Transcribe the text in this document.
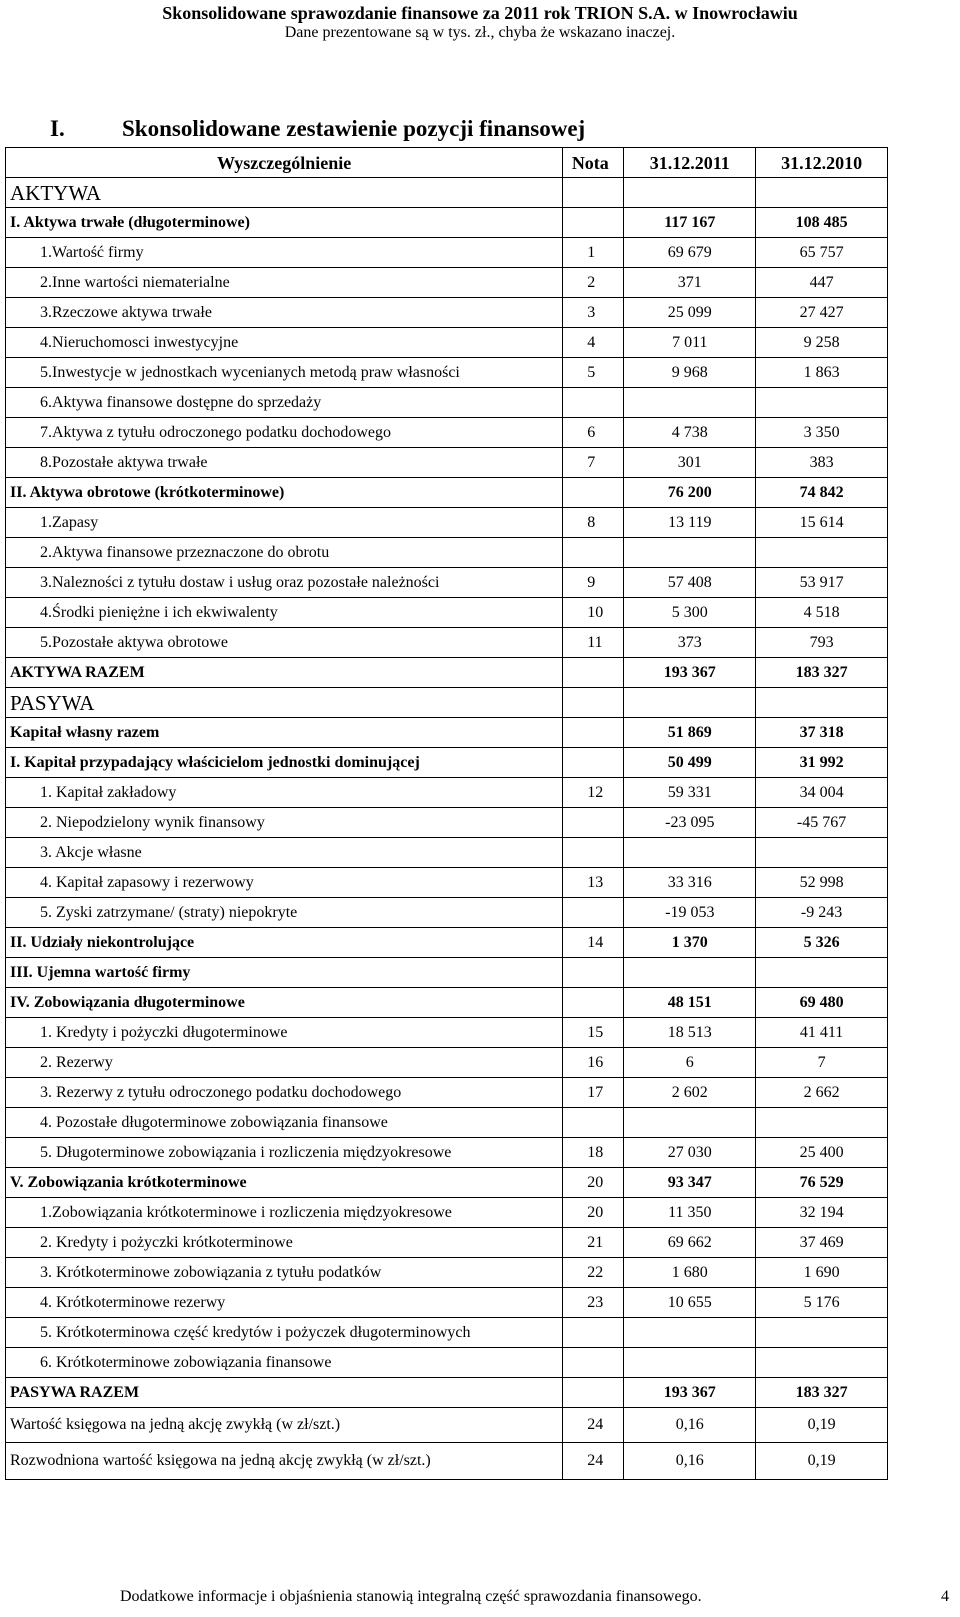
Skonsolidowane sprawozdanie finansowe za 2011 rok TRION S.A. w Inowrocławiu
Dane prezentowane są w tys. zł., chyba że wskazano inaczej.
I. Skonsolidowane zestawienie pozycji finansowej
Wyszczególnienie	Nota	31.12.2011	31.12.2010
AKTYWA			
I. Aktywa trwałe (długoterminowe)		117 167	108 485
1.Wartość firmy	1	69 679	65 757
2.Inne wartości niematerialne	2	371	447
3.Rzeczowe aktywa trwałe	3	25 099	27 427
4.Nieruchomosci inwestycyjne	4	7 011	9 258
5.Inwestycje w jednostkach wycenianych metodą praw własności	5	9 968	1 863
6.Aktywa finansowe dostępne do sprzedaży			
7.Aktywa z tytułu odroczonego podatku dochodowego	6	4 738	3 350
8.Pozostałe aktywa trwałe	7	301	383
II. Aktywa obrotowe (krótkoterminowe)		76 200	74 842
1.Zapasy	8	13 119	15 614
2.Aktywa finansowe przeznaczone do obrotu			
3.Nalezności z tytułu dostaw i usług oraz pozostałe należności	9	57 408	53 917
4.Środki pieniężne i ich ekwiwalenty	10	5 300	4 518
5.Pozostałe aktywa obrotowe	11	373	793
AKTYWA RAZEM		193 367	183 327
PASYWA			
Kapitał własny razem		51 869	37 318
I. Kapitał przypadający właścicielom jednostki dominującej		50 499	31 992
1. Kapitał zakładowy	12	59 331	34 004
2. Niepodzielony wynik finansowy		-23 095	-45 767
3. Akcje własne			
4. Kapitał zapasowy i rezerwowy	13	33 316	52 998
5. Zyski zatrzymane/ (straty) niepokryte		-19 053	-9 243
II. Udziały niekontrolujące	14	1 370	5 326
III. Ujemna wartość firmy			
IV. Zobowiązania długoterminowe		48 151	69 480
1. Kredyty i pożyczki długoterminowe	15	18 513	41 411
2. Rezerwy	16	6	7
3. Rezerwy z tytułu odroczonego podatku dochodowego	17	2 602	2 662
4. Pozostałe długoterminowe zobowiązania finansowe			
5. Długoterminowe zobowiązania i rozliczenia międzyokresowe	18	27 030	25 400
V. Zobowiązania krótkoterminowe	20	93 347	76 529
1.Zobowiązania krótkoterminowe i rozliczenia międzyokresowe	20	11 350	32 194
2. Kredyty i pożyczki krótkoterminowe	21	69 662	37 469
3. Krótkoterminowe zobowiązania z tytułu podatków	22	1 680	1 690
4. Krótkoterminowe rezerwy	23	10 655	5 176
5. Krótkoterminowa część kredytów i pożyczek długoterminowych			
6. Krótkoterminowe zobowiązania finansowe			
PASYWA RAZEM		193 367	183 327
Wartość księgowa na jedną akcję zwykłą (w zł/szt.)	24	0,16	0,19
Rozwodniona wartość księgowa na jedną akcję zwykłą (w zł/szt.)	24	0,16	0,19
Dodatkowe informacje i objaśnienia stanowią integralną część sprawozdania finansowego.	4
